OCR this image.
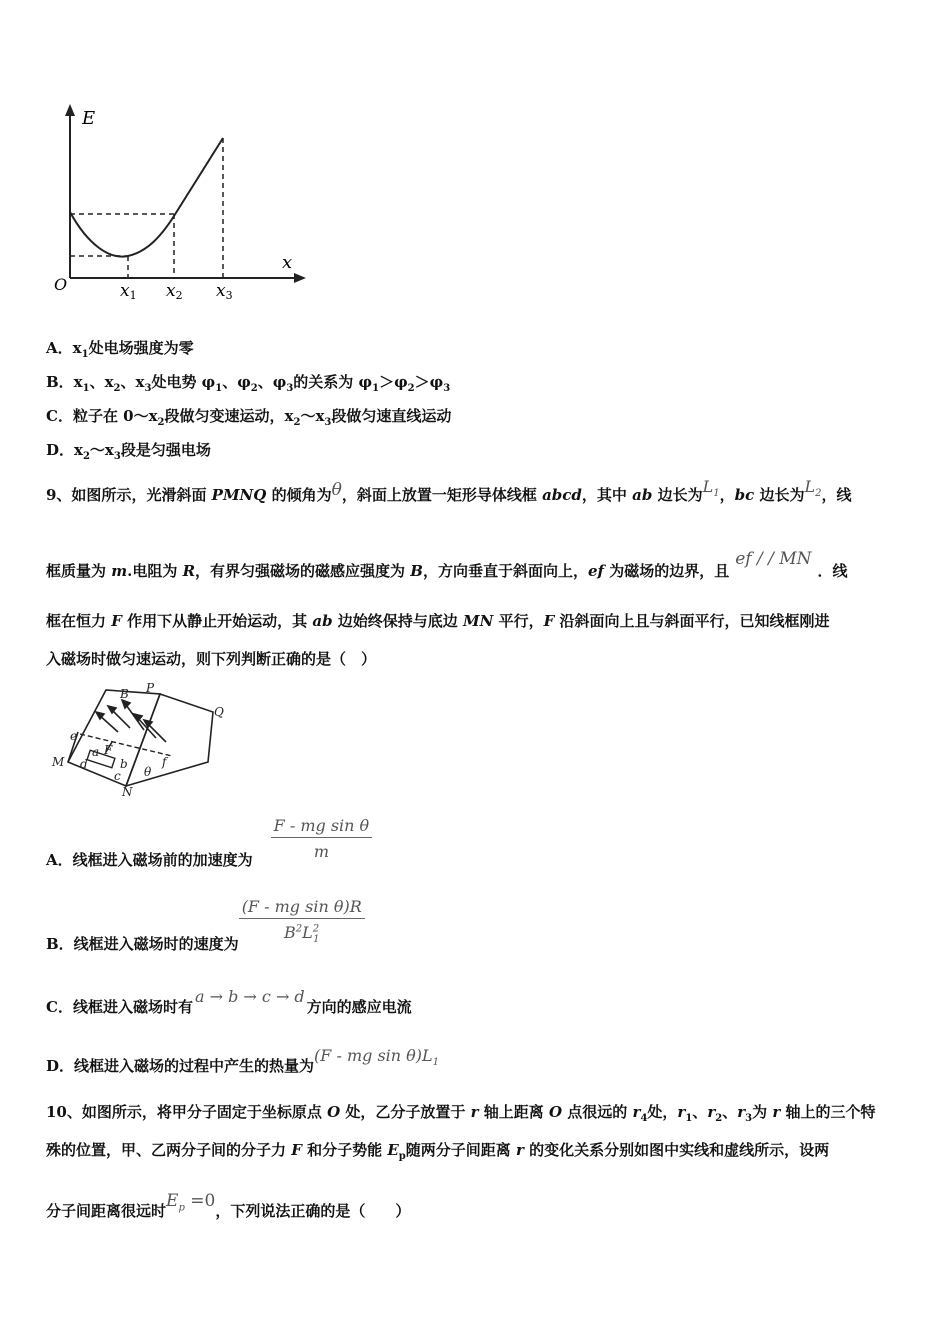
E
x
O	x1 x2 x3
A．$x_1$处电场强度为零
B．$x_1$、$x_2$、$x_3$处电势 $\varphi_1$、$\varphi_2$、$\varphi_3$的关系为 $\varphi_1>\varphi_2>\varphi_3$
C．粒子在 $0\sim x_2$段做匀变速运动，$x_2\sim x_3$段做匀速直线运动
D．$x_2\sim x_3$段是匀强电场
9、如图所示，光滑斜面 PMNQ 的倾角为θ，斜面上放置一矩形导体线框 abcd，其中 ab 边长为$L_1$，bc 边长为$L_2$，线
框质量为 m.电阻为 R，有界匀强磁场的磁感应强度为 B，方向垂直于斜面向上，ef 为磁场的边界，且ef / / MN．线
框在恒力 F 作用下从静止开始运动，其 ab 边始终保持与底边 MN 平行，F 沿斜面向上且与斜面平行，已知线框刚进
入磁场时做匀速运动，则下列判断正确的是（　）
B P
Q
M
N
e
f
a
b
c
d
F
θ
A．线框进入磁场前的加速度为 $\frac{\text{F - mg sin θ}}{m}$
B．线框进入磁场时的速度为 $\frac{\text{(F - mg sin θ)R}}{B^2L^2_1}$
C．线框进入磁场时有a → b → c → d方向的感应电流
D．线框进入磁场的过程中产生的热量为(F - mg $\sin \theta)L_1$
10、如图所示，将甲分子固定于坐标原点 O 处，乙分子放置于 r 轴上距离 O 点很远的 $r_4$处，$r_1$、$r_2$、$r_3$为 r 轴上的三个特
殊的位置，甲、乙两分子间的分子力 F 和分子势能 $E_p$随两分子间距离 r 的变化关系分别如图中实线和虚线所示，设两
分子间距离很远时$E_p =0$，下列说法正确的是（　　）
